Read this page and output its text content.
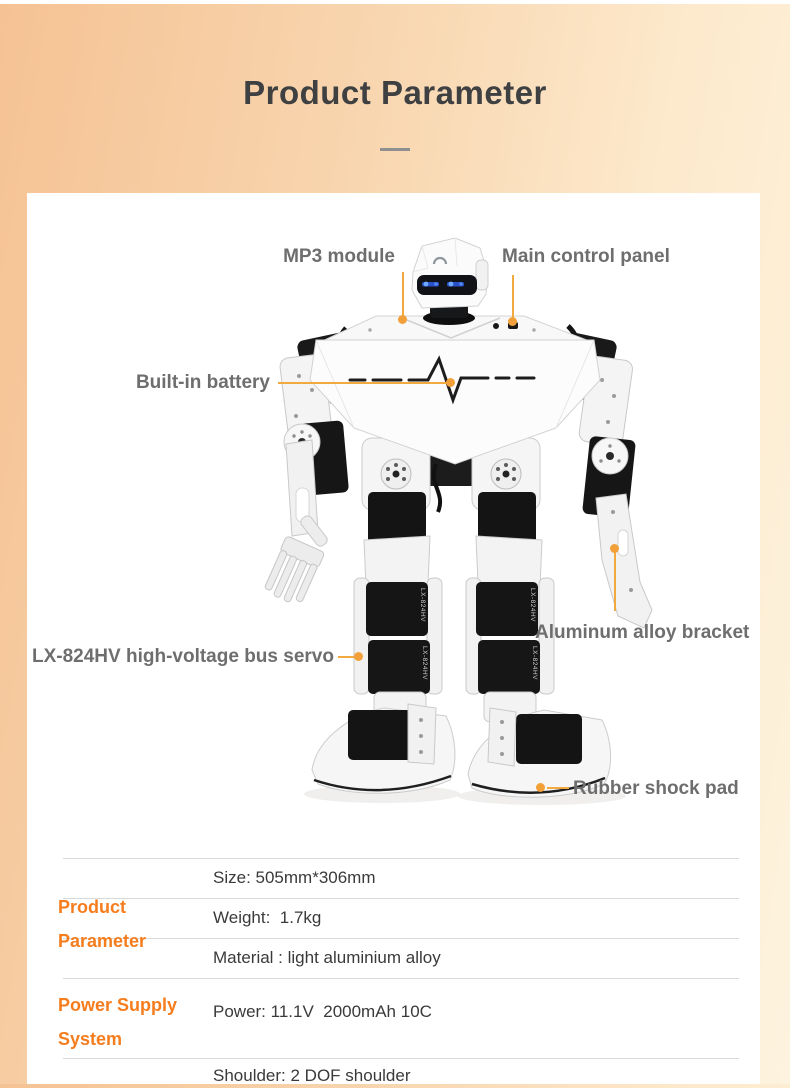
Product Parameter
LX-824HV
LX-824HV
LX-824HV
LX-824HV
MP3 module	Main control panel
Built-in battery
Aluminum alloy bracket
LX-824HV high-voltage bus servo
Rubber shock pad
Product
Parameter
Size: 505mm*306mm
Weight:  1.7kg
Material : light aluminium alloy
Power Supply
System
Power: 11.1V  2000mAh 10C
Shoulder: 2 DOF shoulder
